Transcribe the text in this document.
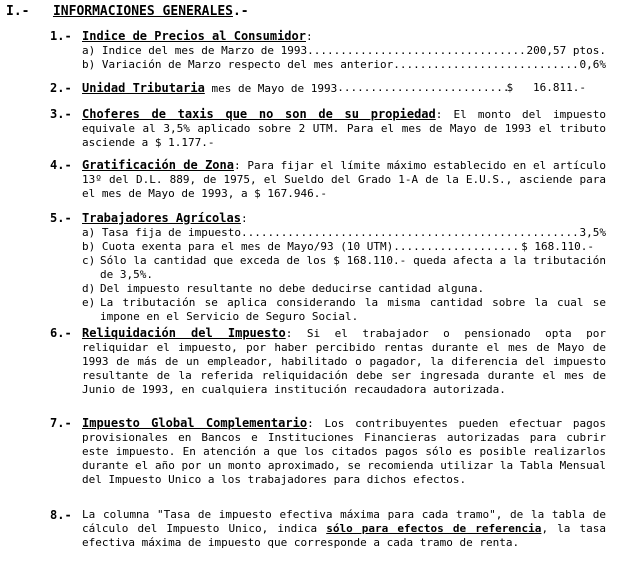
I.- INFORMACIONES GENERALES.-
1.- Indice de Precios al Consumidor:
a) Indice del mes de Marzo de 1993 .....	200,57 ptos.
b) Variación de Marzo respecto del mes anterior .....	0,6%
2.- Unidad Tributaria mes de Mayo de 1993 .....	$   16.811.-
3.- Choferes de taxis que no son de su propiedad: El monto del impuesto equivale al 3,5% aplicado sobre 2 UTM. Para el mes de Mayo de 1993 el tributo asciende a $ 1.177.-
4.- Gratificación de Zona: Para fijar el límite máximo establecido en el artículo 13º del D.L. 889, de 1975, el Sueldo del Grado 1-A de la E.U.S., asciende para el mes de Mayo de 1993, a $ 167.946.-
5.- Trabajadores Agrícolas:
a) Tasa fija de impuesto .....	3,5%
b) Cuota exenta para el mes de Mayo/93 (10 UTM) .....	$ 168.110.-
c) Sólo la cantidad que exceda de los $ 168.110.- queda afecta a la tributación de 3,5%.
d) Del impuesto resultante no debe deducirse cantidad alguna.
e) La tributación se aplica considerando la misma cantidad sobre la cual se impone en el Servicio de Seguro Social.
6.- Reliquidación del Impuesto: Si el trabajador o pensionado opta por reliquidar el impuesto, por haber percibido rentas durante el mes de Mayo de 1993 de más de un empleador, habilitado o pagador, la diferencia del impuesto resultante de la referida reliquidación debe ser ingresada durante el mes de Junio de 1993, en cualquiera institución recaudadora autorizada.
7.- Impuesto Global Complementario: Los contribuyentes pueden efectuar pagos provisionales en Bancos e Instituciones Financieras autorizadas para cubrir este impuesto. En atención a que los citados pagos sólo es posible realizarlos durante el año por un monto aproximado, se recomienda utilizar la Tabla Mensual del Impuesto Unico a los trabajadores para dichos efectos.
8.- La columna "Tasa de impuesto efectiva máxima para cada tramo", de la tabla de cálculo del Impuesto Unico, indica sólo para efectos de referencia, la tasa efectiva máxima de impuesto que corresponde a cada tramo de renta.
